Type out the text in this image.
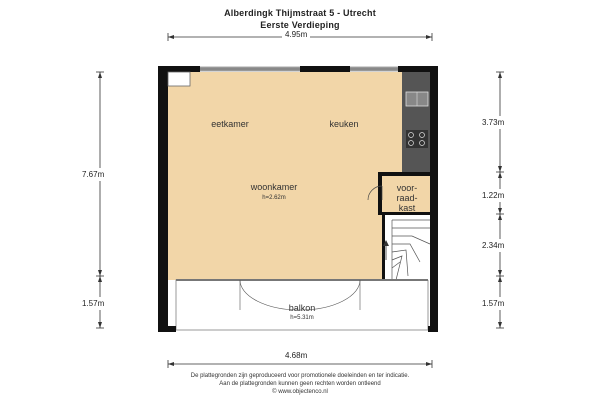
Alberdingk Thijmstraat 5 - Utrecht
Eerste Verdieping
4.95m
4.68m
7.67m
1.57m
3.73m
1.22m
2.34m
1.57m
eetkamer	keuken
woonkamer
h=2.62m
voor-
raad-
kast
balkon
h=5.31m
De plattegronden zijn geproduceerd voor promotionele doeleinden en ter indicatie.
Aan de plattegronden kunnen geen rechten worden ontleend
© www.objectenco.nl
